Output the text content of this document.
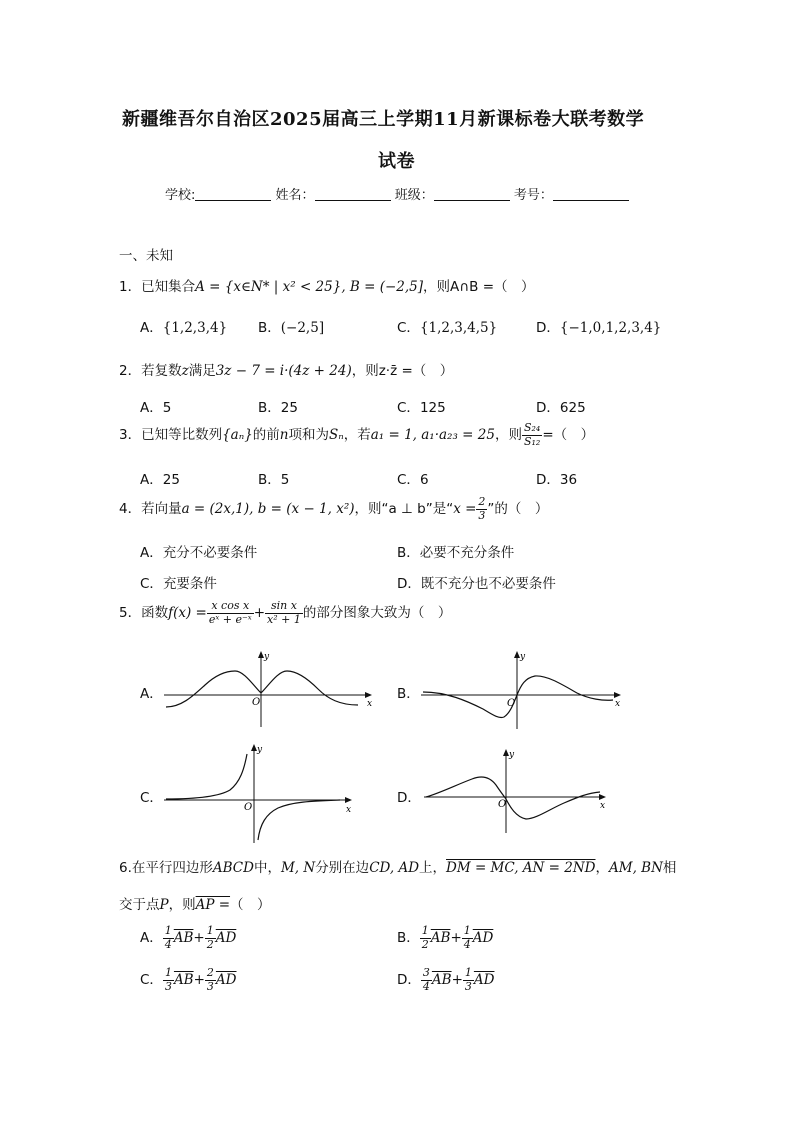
新疆维吾尔自治区2025届高三上学期11月新课标卷大联考数学
试卷
学校:	姓名：	班级：	考号：
一、未知
1．已知集合A = {x∈N* | x² < 25}, B = (−2,5]，则A∩B =（　）
A．{1,2,3,4} B．(−2,5]	C．{1,2,3,4,5}	D．{−1,0,1,2,3,4}
2．若复数z满足3z − 7 = i·(4z + 24)，则z·z̄ =（　）
A．5	B．25	C．125	D．625
3．已知等比数列{aₙ}的前n项和为Sₙ，若a₁ = 1, a₁·a₂₃ = 25，则 $\frac{\text{S₂₄}}{\text{S₁₂}}$ =（　）
A．25	B．5	C．6	D．36
4．若向量a = (2x,1), b = (x − 1, x²)，则“a ⊥ b”是“$x = \frac{2}{3}$ ”的（　）
A．充分不必要条件	B．必要不充分条件
C．充要条件	D．既不充分也不必要条件
5．函数$f(x) = \frac{\text{x cos x}}{\text{eˣ + e⁻ˣ}} + \frac{\text{sin x}}{\text{x² + 1}}$ 的部分图象大致为（　）
A．	B．
C．	D．
x
y
O	x
y
O
x
y
O	x
y
O
6.在平行四边形ABCD中，M, N分别在边CD, AD上，DM = MC, AN = 2ND，AM, BN相
交于点P，则AP =（　）
A． $\frac{1}{4} \overline{AB}+ \frac{1}{2} \overline{AD}$	B． $\frac{1}{2} \overline{AB}+ \frac{1}{4} \overline{AD}$
C． $\frac{1}{3} \overline{AB}+ \frac{2}{3} \overline{AD}$	D． $\frac{3}{4} \overline{AB}+ \frac{1}{3} \overline{AD}$
